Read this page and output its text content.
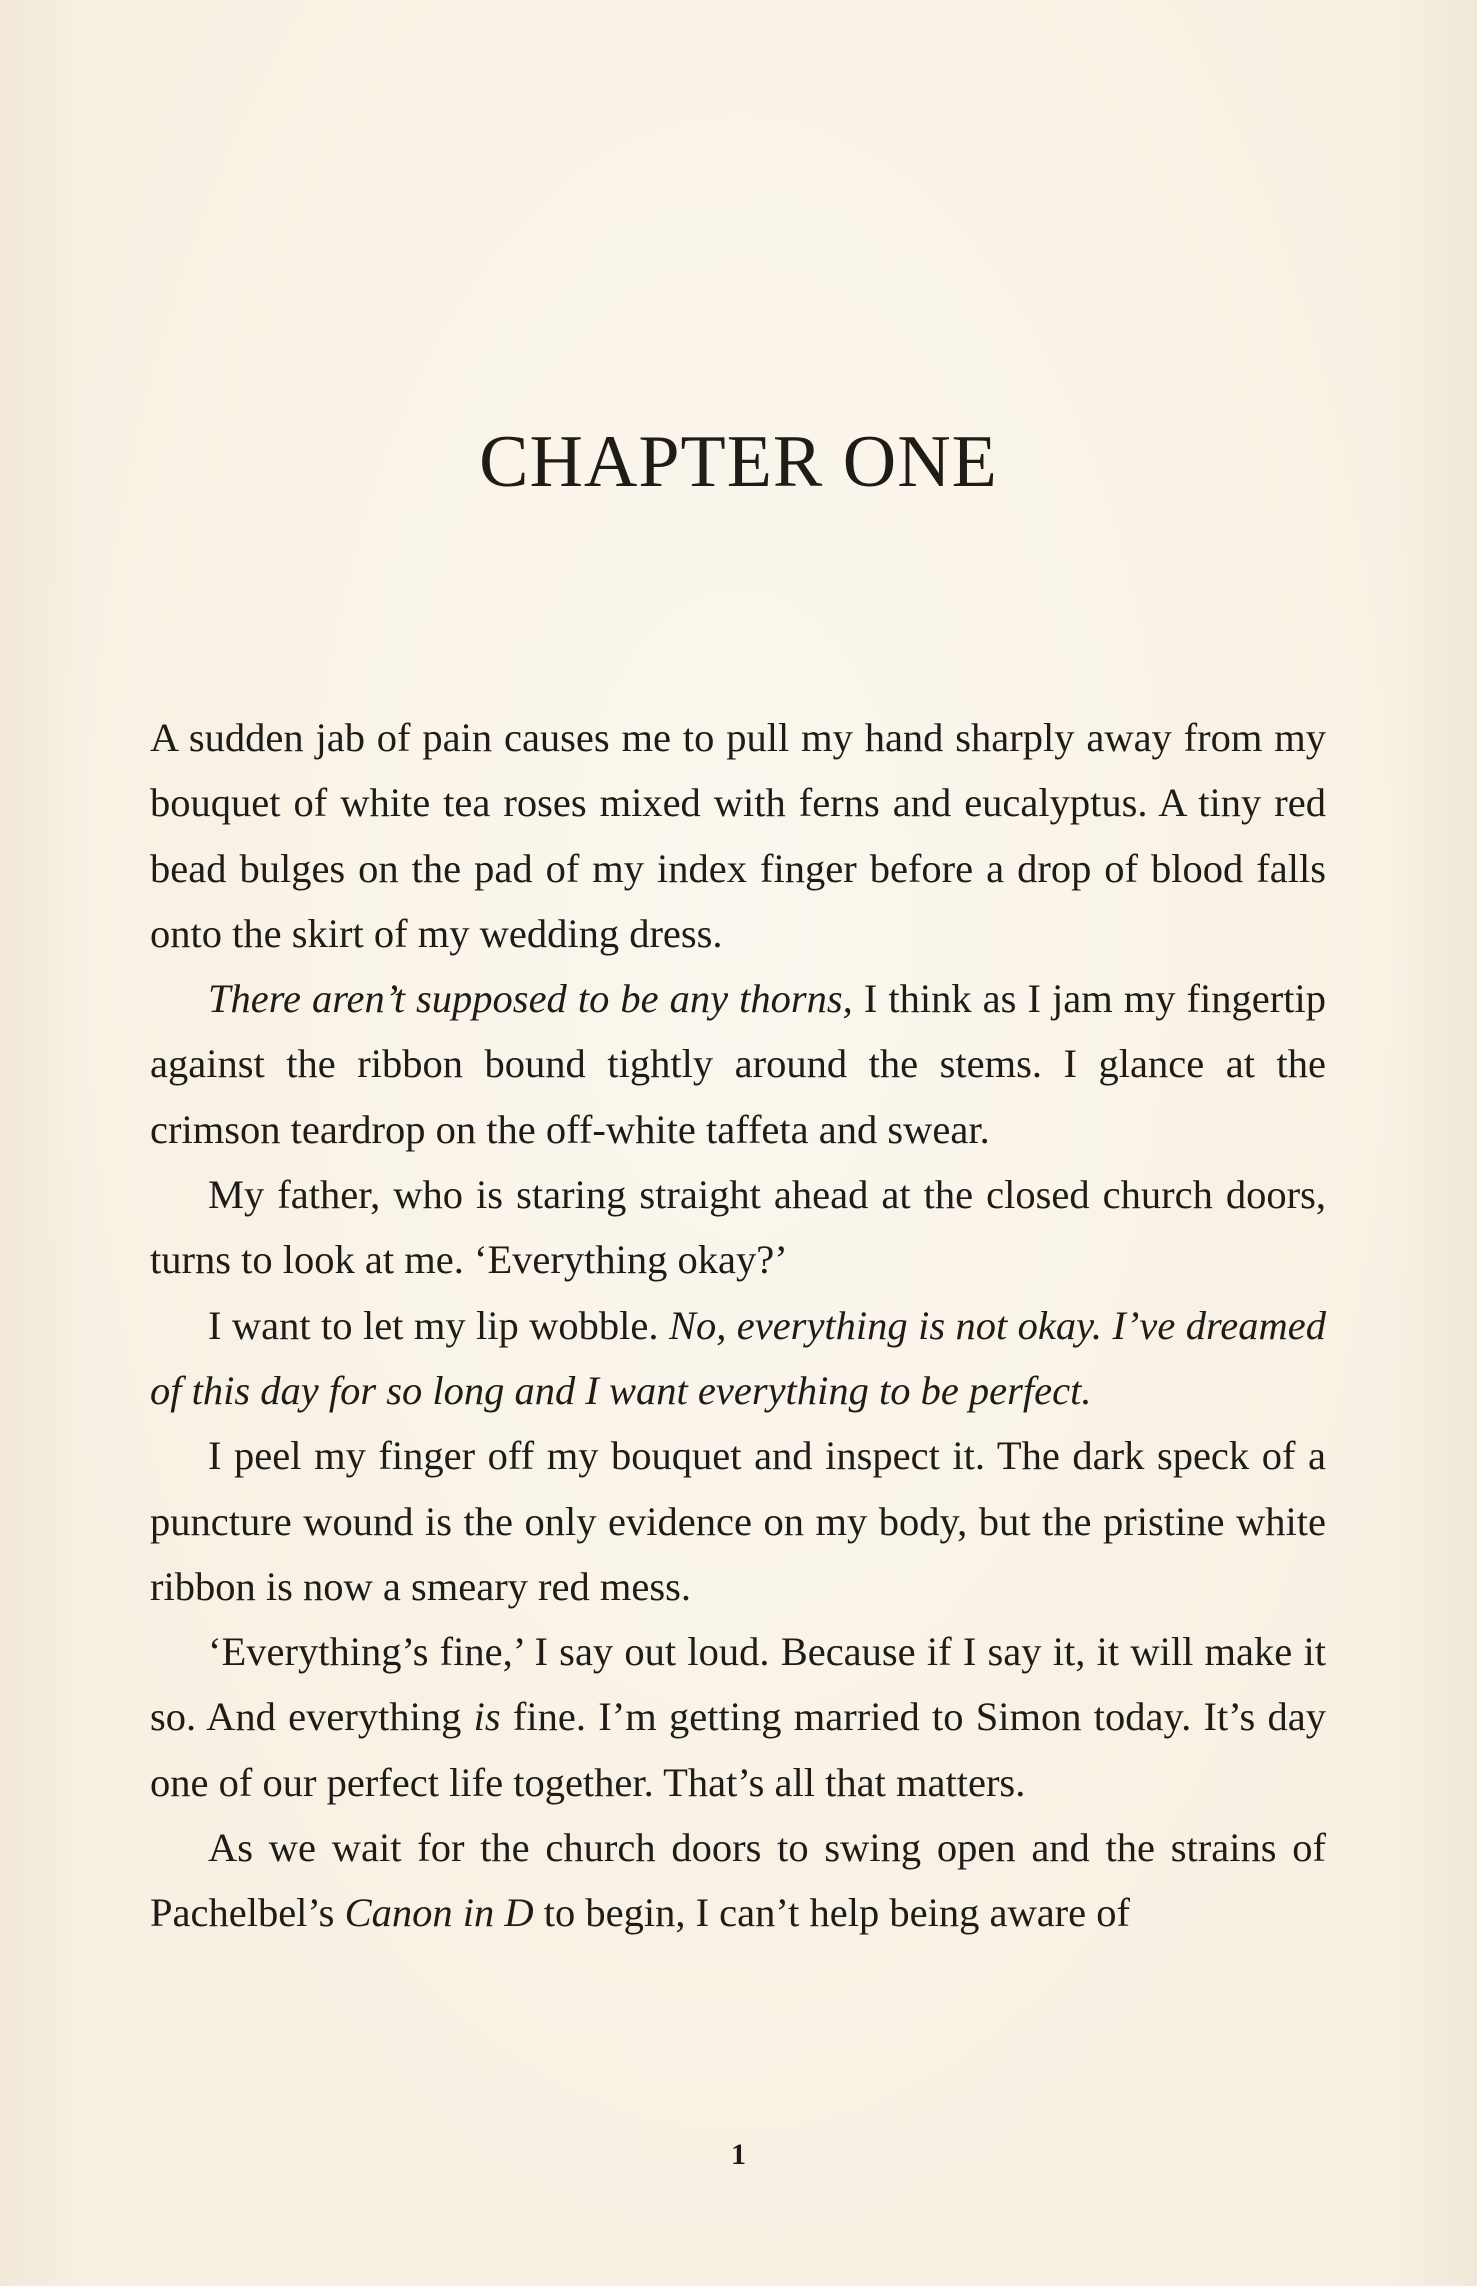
CHAPTER ONE

A sudden jab of pain causes me to pull my hand sharply away from my bouquet of white tea roses mixed with ferns and eucalyptus. A tiny red bead bulges on the pad of my index finger before a drop of blood falls onto the skirt of my wedding dress.

There aren’t supposed to be any thorns, I think as I jam my fingertip against the ribbon bound tightly around the stems. I glance at the crimson teardrop on the off-white taffeta and swear.

My father, who is staring straight ahead at the closed church doors, turns to look at me. ‘Everything okay?’

I want to let my lip wobble. No, everything is not okay. I’ve dreamed of this day for so long and I want everything to be perfect.

I peel my finger off my bouquet and inspect it. The dark speck of a puncture wound is the only evidence on my body, but the pristine white ribbon is now a smeary red mess.

‘Everything’s fine,’ I say out loud. Because if I say it, it will make it so. And everything is fine. I’m getting married to Simon today. It’s day one of our perfect life together. That’s all that matters.

As we wait for the church doors to swing open and the strains of Pachelbel’s Canon in D to begin, I can’t help being aware of

1
